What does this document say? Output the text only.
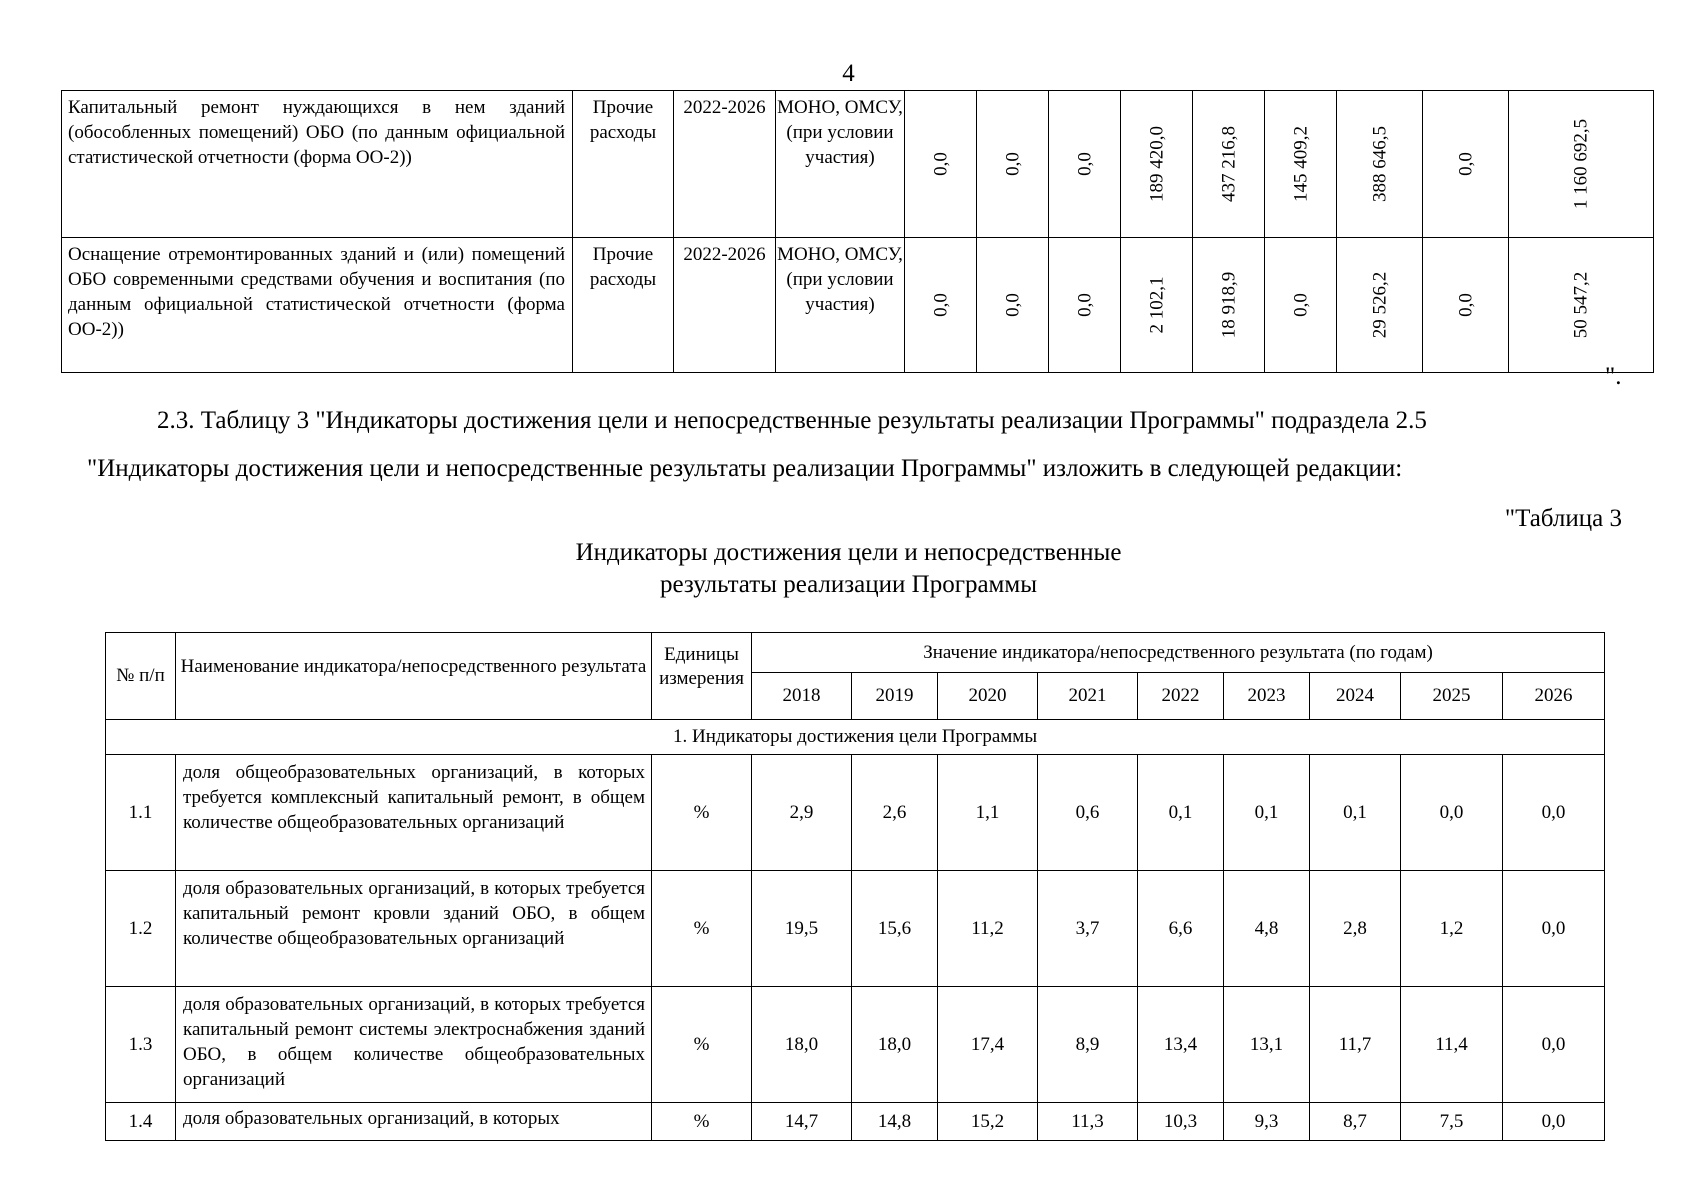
4
Капитальный ремонт нуждающихся в нем зданий (обособленных помещений) ОБО (по данным официальной статистической отчетности (форма ОО-2))	Прочие расходы	2022-2026	МОНО, ОМСУ, (при условии участия)	0,0	0,0	0,0	189 420,0	437 216,8	145 409,2	388 646,5	0,0	1 160 692,5

Оснащение отремонтированных зданий и (или) помещений ОБО современными средствами обучения и воспитания (по данным официальной статистической отчетности (форма ОО-2))	Прочие расходы	2022-2026	МОНО, ОМСУ, (при условии участия)	0,0	0,0	0,0	2 102,1	18 918,9	0,0	29 526,2	0,0	50 547,2
".
2.3. Таблицу 3 "Индикаторы достижения цели и непосредственные результаты реализации Программы" подраздела 2.5
"Индикаторы достижения цели и непосредственные результаты реализации Программы" изложить в следующей редакции:
"Таблица 3
Индикаторы достижения цели и непосредственные
результаты реализации Программы
№ п/п	Наименование индикатора/непосредственного результата	Единицы измерения	Значение индикатора/непосредственного результата (по годам)								
			2018	2019	2020	2021	2022	2023	2024	2025	2026
1. Индикаторы достижения цели Программы											
1.1	доля общеобразовательных организаций, в которых требуется комплексный капитальный ремонт, в общем количестве общеобразовательных организаций	%	2,9	2,6	1,1	0,6	0,1	0,1	0,1	0,0	0,0
1.2	доля образовательных организаций, в которых требуется капитальный ремонт кровли зданий ОБО, в общем количестве общеобразовательных организаций	%	19,5	15,6	11,2	3,7	6,6	4,8	2,8	1,2	0,0
1.3	доля образовательных организаций, в которых требуется капитальный ремонт системы электроснабжения зданий ОБО, в общем количестве общеобразовательных организаций	%	18,0	18,0	17,4	8,9	13,4	13,1	11,7	11,4	0,0
1.4	доля образовательных организаций, в которых	%	14,7	14,8	15,2	11,3	10,3	9,3	8,7	7,5	0,0
